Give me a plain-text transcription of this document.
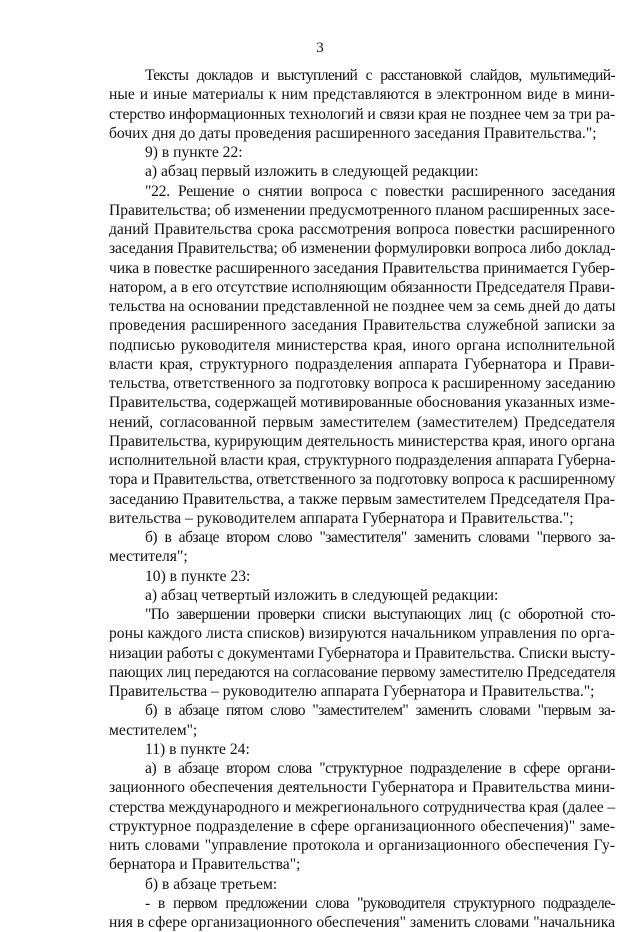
3
Тексты докладов и выступлений с расстановкой слайдов, мультимедий-
ные и иные материалы к ним представляются в электронном виде в мини-
стерство информационных технологий и связи края не позднее чем за три ра-
бочих дня до даты проведения расширенного заседания Правительства.";
9) в пункте 22:
а) абзац первый изложить в следующей редакции:
"22. Решение о снятии вопроса с повестки расширенного заседания
Правительства; об изменении предусмотренного планом расширенных засе-
даний Правительства срока рассмотрения вопроса повестки расширенного
заседания Правительства; об изменении формулировки вопроса либо доклад-
чика в повестке расширенного заседания Правительства принимается Губер-
натором, а в его отсутствие исполняющим обязанности Председателя Прави-
тельства на основании представленной не позднее чем за семь дней до даты
проведения расширенного заседания Правительства служебной записки за
подписью руководителя министерства края, иного органа исполнительной
власти края, структурного подразделения аппарата Губернатора и Прави-
тельства, ответственного за подготовку вопроса к расширенному заседанию
Правительства, содержащей мотивированные обоснования указанных изме-
нений, согласованной первым заместителем (заместителем) Председателя
Правительства, курирующим деятельность министерства края, иного органа
исполнительной власти края, структурного подразделения аппарата Губерна-
тора и Правительства, ответственного за подготовку вопроса к расширенному
заседанию Правительства, а также первым заместителем Председателя Пра-
вительства – руководителем аппарата Губернатора и Правительства.";
б) в абзаце втором слово "заместителя" заменить словами "первого за-
местителя";
10) в пункте 23:
а) абзац четвертый изложить в следующей редакции:
"По завершении проверки списки выступающих лиц (с оборотной сто-
роны каждого листа списков) визируются начальником управления по орга-
низации работы с документами Губернатора и Правительства. Списки высту-
пающих лиц передаются на согласование первому заместителю Председателя
Правительства – руководителю аппарата Губернатора и Правительства.";
б) в абзаце пятом слово "заместителем" заменить словами "первым за-
местителем";
11) в пункте 24:
а) в абзаце втором слова "структурное подразделение в сфере органи-
зационного обеспечения деятельности Губернатора и Правительства мини-
стерства международного и межрегионального сотрудничества края (далее –
структурное подразделение в сфере организационного обеспечения)" заме-
нить словами "управление протокола и организационного обеспечения Гу-
бернатора и Правительства";
б) в абзаце третьем:
- в первом предложении слова "руководителя структурного подразделе-
ния в сфере организационного обеспечения" заменить словами "начальника
